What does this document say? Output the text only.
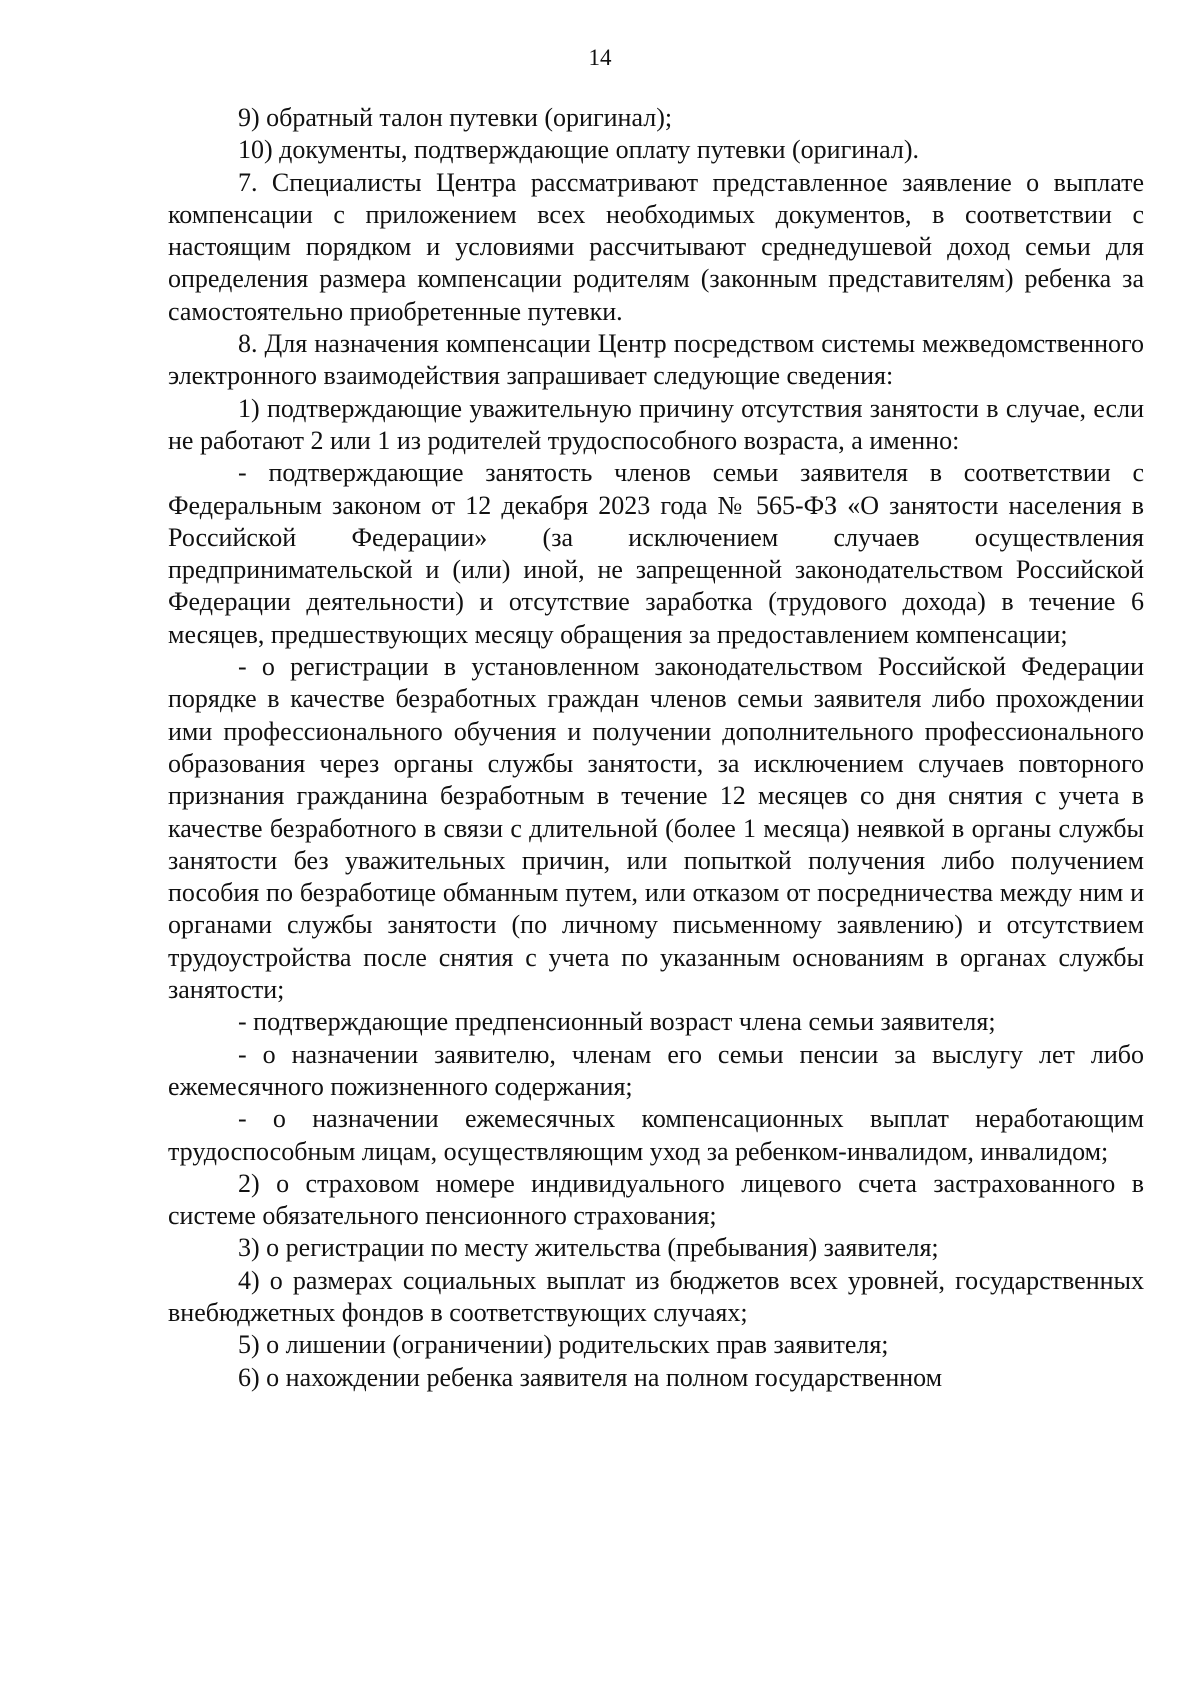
14

9) обратный талон путевки (оригинал);

10) документы, подтверждающие оплату путевки (оригинал).

7. Специалисты Центра рассматривают представленное заявление о выплате компенсации с приложением всех необходимых документов, в соответствии с настоящим порядком и условиями рассчитывают среднедушевой доход семьи для определения размера компенсации родителям (законным представителям) ребенка за самостоятельно приобретенные путевки.

8. Для назначения компенсации Центр посредством системы межведомственного электронного взаимодействия запрашивает следующие сведения:

1) подтверждающие уважительную причину отсутствия занятости в случае, если не работают 2 или 1 из родителей трудоспособного возраста, а именно:

- подтверждающие занятость членов семьи заявителя в соответствии с Федеральным законом от 12 декабря 2023 года № 565-ФЗ «О занятости населения в Российской Федерации» (за исключением случаев осуществления предпринимательской и (или) иной, не запрещенной законодательством Российской Федерации деятельности) и отсутствие заработка (трудового дохода) в течение 6 месяцев, предшествующих месяцу обращения за предоставлением компенсации;

- о регистрации в установленном законодательством Российской Федерации порядке в качестве безработных граждан членов семьи заявителя либо прохождении ими профессионального обучения и получении дополнительного профессионального образования через органы службы занятости, за исключением случаев повторного признания гражданина безработным в течение 12 месяцев со дня снятия с учета в качестве безработного в связи с длительной (более 1 месяца) неявкой в органы службы занятости без уважительных причин, или попыткой получения либо получением пособия по безработице обманным путем, или отказом от посредничества между ним и органами службы занятости (по личному письменному заявлению) и отсутствием трудоустройства после снятия с учета по указанным основаниям в органах службы занятости;

- подтверждающие предпенсионный возраст члена семьи заявителя;

- о назначении заявителю, членам его семьи пенсии за выслугу лет либо ежемесячного пожизненного содержания;

- о назначении ежемесячных компенсационных выплат неработающим трудоспособным лицам, осуществляющим уход за ребенком-инвалидом, инвалидом;

2) о страховом номере индивидуального лицевого счета застрахованного в системе обязательного пенсионного страхования;

3) о регистрации по месту жительства (пребывания) заявителя;

4) о размерах социальных выплат из бюджетов всех уровней, государственных внебюджетных фондов в соответствующих случаях;

5) о лишении (ограничении) родительских прав заявителя;

6) о нахождении ребенка заявителя на полном государственном
